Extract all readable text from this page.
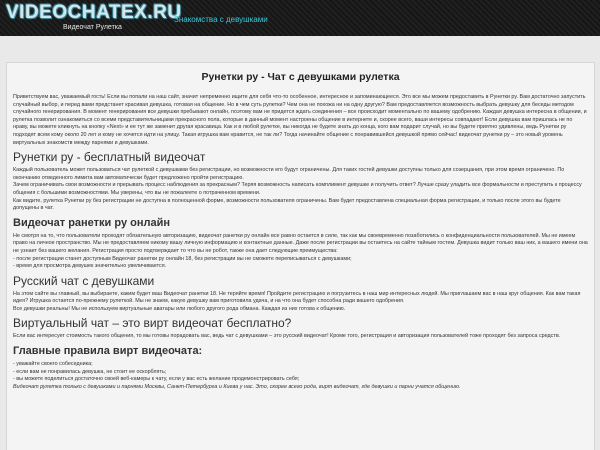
VIDEOCHATEX.RU
Видеочат Рулетка
Знакомства с девушками
Рунетки ру - Чат с девушками рулетка

Приветствуем вас, уважаемый гость! Если вы попали на наш сайт, значит непременно ищите для себя что-то особенное, интересное и запоминающееся. Это все мы можем предоставить в Рунетки ру. Вам достаточно запустить случайный выбор, и перед вами предстанет красивая девушка, готовая на общение. Но в чем суть рулетки? Чем она не похожа ни на одну другую? Вам предоставляется возможность выбрать девушку для беседы методом случайного генерирования. В момент генерирования все девушки пребывают онлайн, поэтому вам не придется ждать соединения – все происходит моментально по вашему одобрению. Каждая девушка интересна в общении, и рулетка позволит ознакомиться со всеми представительницами прекрасного пола, которые в данный момент настроены общение в интернете и, скорее всего, ваши интересы совпадают! Если девушка вам пришлась не по нраву, вы можете кликнуть на кнопку «Next» и ее тут же заменит другая красавица. Как и в любой рулетке, вы никогда не будете знать до конца, кого вам подарит случай, но вы будете приятно удивлены, ведь Рунетки ру подходят всем кому около 20 лет и кому не хочется идти на улицу. Такая игрушка вам нравится, не так ли? Тогда начинайте общение с понравившейся девушкой прямо сейчас! видеочат рунетки ру – это новый уровень виртуальных знакомств между парнями и девушками.

Рунетки ру - бесплатный видеочат

Каждый пользователь может пользоваться чат рулеткой с девушками без регистрации, но возможности его будут ограничены. Для таких гостей девушки доступны только для созерцания, при этом время ограничено. По окончанию отведенного лимита вам автоматически будет предложено пройти регистрацию.

Зачем ограничивать свои возможности и прерывать процесс наблюдения за прекрасным? Теряя возможность написать комплимент девушке и получить ответ? Лучше сразу уладить все формальности и преступить к процессу общения с большими возможностями. Мы уверены, что вы не пожалеете о потраченном времени.

Как видите, рулетка Рунетки ру без регистрации не доступна в полноценной форме, возможности пользователя ограничены. Вам будет предоставлена специальная форма регистрации, и только после этого вы будете допущены в чат.

Видеочат ранетки ру онлайн

Не смотря на то, что пользователи проходят обязательную авторизацию, видеочат ранетки ру онлайн все равно остается в силе, так как мы своевременно позаботились о конфиденциальности пользователей. Мы не имеем право на личное пространство. Мы не предоставляем никому вашу личную информацию и контактные данные. Даже после регистрации вы остаетесь на сайте тайным гостем. Девушка видит только ваш ник, а вашего имени она не узнает без вашего желания. Регистрация просто подтверждает то что вы не робот, также она дает следующие преимущества:

- после регистрации станет доступным Видеочат ранетки ру онлайн 18, без регистрации вы не сможете переписываться с девушками;

- время для просмотра девушек значительно увеличивается.

Русский чат с девушками

На этом сайте вы главный, вы выбираете, каким будет ваш Видеочат ранетки 18. Не теряйте время! Пройдите регистрацию и погрузитесь в наш мир интересных людей. Мы приглашаем вас в наш круг общения. Как вам такая идея? Игрушка остается по-прежнему рулеткой. Мы не знаем, какую девушку вам приготовила удача, и на что она будет способна ради вашего одобрения.

Все девушки реальны! Мы не используем виртуальные аватары или любого другого рода обмана. Каждая из них готова к общению.

Виртуальный чат – это вирт видеочат бесплатно?

Если вас интересует стоимость такого общения, то мы готовы порадовать вас, ведь чат с девушками – это русский видеочат! Кроме того, регистрация и авторизация пользователей тоже проходят без запроса средств.

Главные правила вирт видеочата:

- уважайте своего собеседника;

- если вам не понравилась девушка, не стоит ее оскорблять;

- вы можете поделиться достаточно своей веб-камеры к чату, если у вас есть желание продемонстрировать себя;

Видеочат рулетка только с девушками и парнями Москвы, Санкт-Петербурга и Киева у нас. Это, скорее всего рода, вирт видеочат, где девушки и парни учатся общению.
